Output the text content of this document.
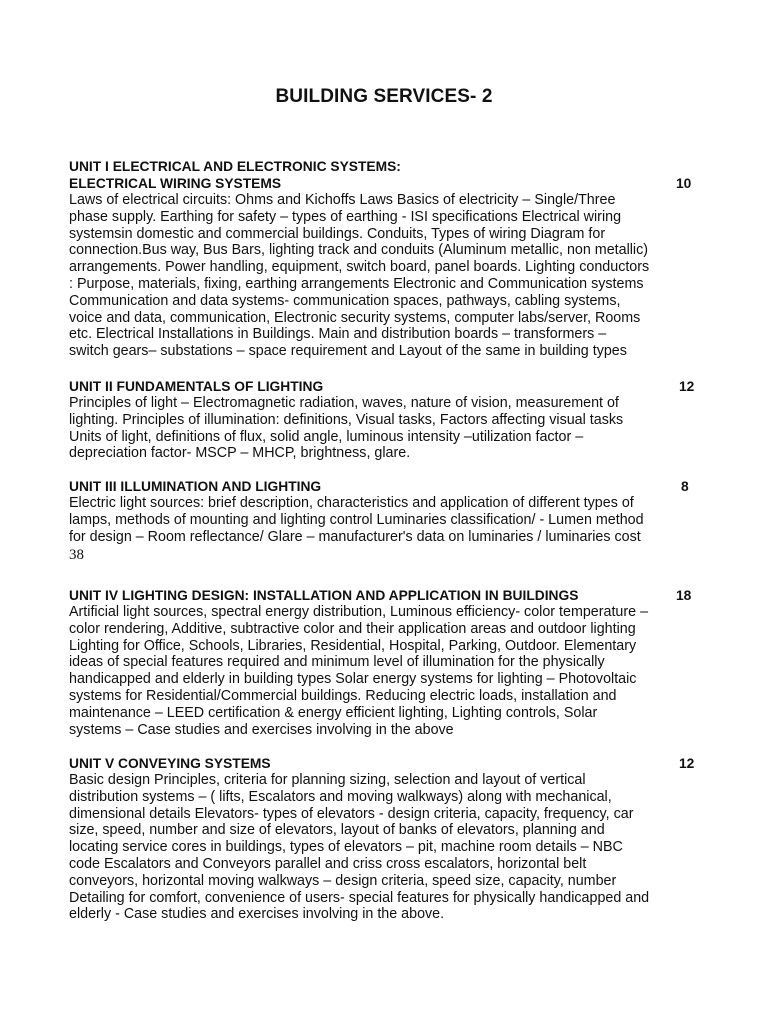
BUILDING SERVICES- 2
UNIT I ELECTRICAL AND ELECTRONIC SYSTEMS:
ELECTRICAL WIRING SYSTEMS	10
Laws of electrical circuits: Ohms and Kichoffs Laws Basics of electricity – Single/Three
phase supply. Earthing for safety – types of earthing - ISI specifications Electrical wiring
systemsin domestic and commercial buildings. Conduits, Types of wiring Diagram for
connection.Bus way, Bus Bars, lighting track and conduits (Aluminum metallic, non metallic)
arrangements. Power handling, equipment, switch board, panel boards. Lighting conductors
: Purpose, materials, fixing, earthing arrangements Electronic and Communication systems
Communication and data systems- communication spaces, pathways, cabling systems,
voice and data, communication, Electronic security systems, computer labs/server, Rooms
etc. Electrical Installations in Buildings. Main and distribution boards – transformers –
switch gears– substations – space requirement and Layout of the same in building types
UNIT II FUNDAMENTALS OF LIGHTING	12
Principles of light – Electromagnetic radiation, waves, nature of vision, measurement of
lighting. Principles of illumination: definitions, Visual tasks, Factors affecting visual tasks
Units of light, definitions of flux, solid angle, luminous intensity –utilization factor –
depreciation factor- MSCP – MHCP, brightness, glare.
UNIT III ILLUMINATION AND LIGHTING	8
Electric light sources: brief description, characteristics and application of different types of
lamps, methods of mounting and lighting control Luminaries classification/ - Lumen method
for design – Room reflectance/ Glare – manufacturer's data on luminaries / luminaries cost
38
UNIT IV LIGHTING DESIGN: INSTALLATION AND APPLICATION IN BUILDINGS	18
Artificial light sources, spectral energy distribution, Luminous efficiency- color temperature –
color rendering, Additive, subtractive color and their application areas and outdoor lighting
Lighting for Office, Schools, Libraries, Residential, Hospital, Parking, Outdoor. Elementary
ideas of special features required and minimum level of illumination for the physically
handicapped and elderly in building types Solar energy systems for lighting – Photovoltaic
systems for Residential/Commercial buildings. Reducing electric loads, installation and
maintenance – LEED certification & energy efficient lighting, Lighting controls, Solar
systems – Case studies and exercises involving in the above
UNIT V CONVEYING SYSTEMS	12
Basic design Principles, criteria for planning sizing, selection and layout of vertical
distribution systems – ( lifts, Escalators and moving walkways) along with mechanical,
dimensional details Elevators- types of elevators - design criteria, capacity, frequency, car
size, speed, number and size of elevators, layout of banks of elevators, planning and
locating service cores in buildings, types of elevators – pit, machine room details – NBC
code Escalators and Conveyors parallel and criss cross escalators, horizontal belt
conveyors, horizontal moving walkways – design criteria, speed size, capacity, number
Detailing for comfort, convenience of users- special features for physically handicapped and
elderly - Case studies and exercises involving in the above.
